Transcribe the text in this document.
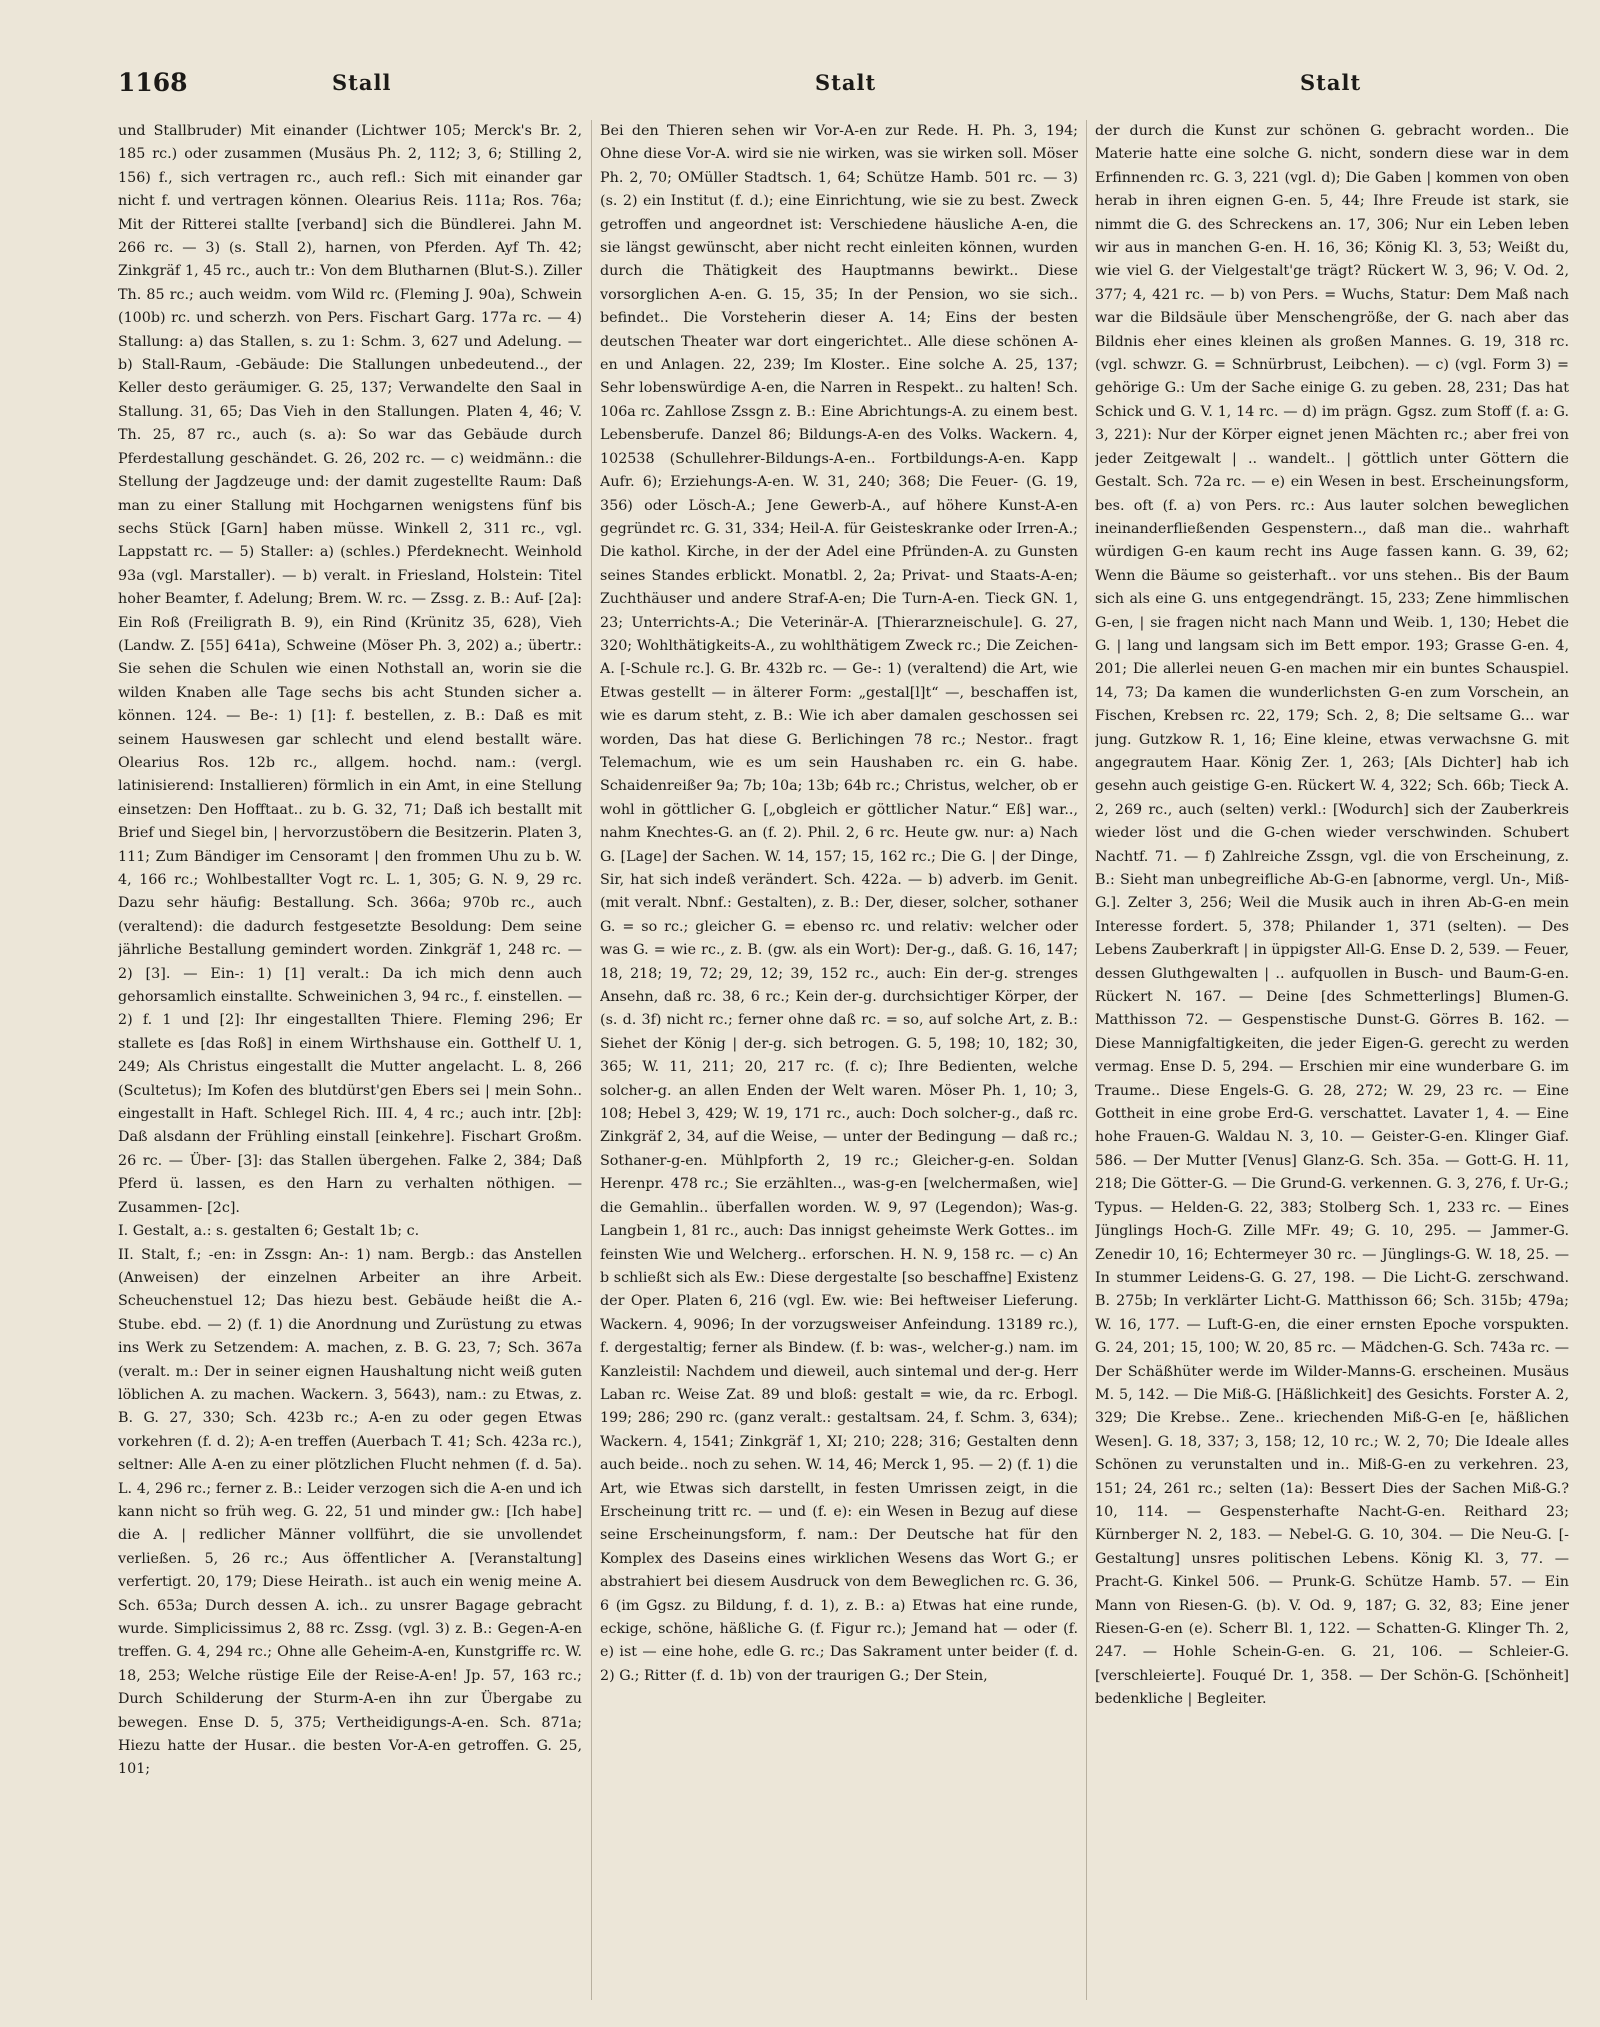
1168	Stall	Stalt	Stalt

und Stallbruder) Mit einander (Lichtwer 105; Merck's Br. 2, 185 rc.) oder zusammen (Musäus Ph. 2, 112; 3, 6; Stilling 2, 156) f., sich vertragen rc., auch refl.: Sich mit einander gar nicht f. und vertragen können. Olearius Reis. 111a; Ros. 76a; Mit der Ritterei stallte [verband] sich die Bündlerei. Jahn M. 266 rc. — 3) (s. Stall 2), harnen, von Pferden. Ayf Th. 42; Zinkgräf 1, 45 rc., auch tr.: Von dem Blutharnen (Blut-S.). Ziller Th. 85 rc.; auch weidm. vom Wild rc. (Fleming J. 90a), Schwein (100b) rc. und scherzh. von Pers. Fischart Garg. 177a rc. — 4) Stallung: a) das Stallen, s. zu 1: Schm. 3, 627 und Adelung. — b) Stall-Raum, -Gebäude: Die Stallungen unbedeutend.., der Keller desto geräumiger. G. 25, 137; Verwandelte den Saal in Stallung. 31, 65; Das Vieh in den Stallungen. Platen 4, 46; V. Th. 25, 87 rc., auch (s. a): So war das Gebäude durch Pferdestallung geschändet. G. 26, 202 rc. — c) weidmänn.: die Stellung der Jagdzeuge und: der damit zugestellte Raum: Daß man zu einer Stallung mit Hochgarnen wenigstens fünf bis sechs Stück [Garn] haben müsse. Winkell 2, 311 rc., vgl. Lappstatt rc. — 5) Staller: a) (schles.) Pferdeknecht. Weinhold 93a (vgl. Marstaller). — b) veralt. in Friesland, Holstein: Titel hoher Beamter, f. Adelung; Brem. W. rc. — Zssg. z. B.: Auf- [2a]: Ein Roß (Freiligrath B. 9), ein Rind (Krünitz 35, 628), Vieh (Landw. Z. [55] 641a), Schweine (Möser Ph. 3, 202) a.; übertr.: Sie sehen die Schulen wie einen Nothstall an, worin sie die wilden Knaben alle Tage sechs bis acht Stunden sicher a. können. 124. — Be-: 1) [1]: f. bestellen, z. B.: Daß es mit seinem Hauswesen gar schlecht und elend bestallt wäre. Olearius Ros. 12b rc., allgem. hochd. nam.: (vergl. latinisierend: Installieren) förmlich in ein Amt, in eine Stellung einsetzen: Den Hofftaat.. zu b. G. 32, 71; Daß ich bestallt mit Brief und Siegel bin, | hervorzustöbern die Besitzerin. Platen 3, 111; Zum Bändiger im Censoramt | den frommen Uhu zu b. W. 4, 166 rc.; Wohlbestallter Vogt rc. L. 1, 305; G. N. 9, 29 rc. Dazu sehr häufig: Bestallung. Sch. 366a; 970b rc., auch (veraltend): die dadurch festgesetzte Besoldung: Dem seine jährliche Bestallung gemindert worden. Zinkgräf 1, 248 rc. — 2) [3]. — Ein-: 1) [1] veralt.: Da ich mich denn auch gehorsamlich einstallte. Schweinichen 3, 94 rc., f. einstellen. — 2) f. 1 und [2]: Ihr eingestallten Thiere. Fleming 296; Er stallete es [das Roß] in einem Wirthshause ein. Gotthelf U. 1, 249; Als Christus eingestallt die Mutter angelacht. L. 8, 266 (Scultetus); Im Kofen des blutdürst'gen Ebers sei | mein Sohn.. eingestallt in Haft. Schlegel Rich. III. 4, 4 rc.; auch intr. [2b]: Daß alsdann der Frühling einstall [einkehre]. Fischart Großm. 26 rc. — Über- [3]: das Stallen übergehen. Falke 2, 384; Daß Pferd ü. lassen, es den Harn zu verhalten nöthigen. — Zusammen- [2c].

I. Gestalt, a.: s. gestalten 6; Gestalt 1b; c.

II. Stalt, f.; -en: in Zssgn: An-: 1) nam. Bergb.: das Anstellen (Anweisen) der einzelnen Arbeiter an ihre Arbeit. Scheuchenstuel 12; Das hiezu best. Gebäude heißt die A.-Stube. ebd. — 2) (f. 1) die Anordnung und Zurüstung zu etwas ins Werk zu Setzendem: A. machen, z. B. G. 23, 7; Sch. 367a (veralt. m.: Der in seiner eignen Haushaltung nicht weiß guten löblichen A. zu machen. Wackern. 3, 5643), nam.: zu Etwas, z. B. G. 27, 330; Sch. 423b rc.; A-en zu oder gegen Etwas vorkehren (f. d. 2); A-en treffen (Auerbach T. 41; Sch. 423a rc.), seltner: Alle A-en zu einer plötzlichen Flucht nehmen (f. d. 5a). L. 4, 296 rc.; ferner z. B.: Leider verzogen sich die A-en und ich kann nicht so früh weg. G. 22, 51 und minder gw.: [Ich habe] die A. | redlicher Männer vollführt, die sie unvollendet verließen. 5, 26 rc.; Aus öffentlicher A. [Veranstaltung] verfertigt. 20, 179; Diese Heirath.. ist auch ein wenig meine A. Sch. 653a; Durch dessen A. ich.. zu unsrer Bagage gebracht wurde. Simplicissimus 2, 88 rc. Zssg. (vgl. 3) z. B.: Gegen-A-en treffen. G. 4, 294 rc.; Ohne alle Geheim-A-en, Kunstgriffe rc. W. 18, 253; Welche rüstige Eile der Reise-A-en! Jp. 57, 163 rc.; Durch Schilderung der Sturm-A-en ihn zur Übergabe zu bewegen. Ense D. 5, 375; Vertheidigungs-A-en. Sch. 871a; Hiezu hatte der Husar.. die besten Vor-A-en getroffen. G. 25, 101;

Bei den Thieren sehen wir Vor-A-en zur Rede. H. Ph. 3, 194; Ohne diese Vor-A. wird sie nie wirken, was sie wirken soll. Möser Ph. 2, 70; OMüller Stadtsch. 1, 64; Schütze Hamb. 501 rc. — 3) (s. 2) ein Institut (f. d.); eine Einrichtung, wie sie zu best. Zweck getroffen und angeordnet ist: Verschiedene häusliche A-en, die sie längst gewünscht, aber nicht recht einleiten können, wurden durch die Thätigkeit des Hauptmanns bewirkt.. Diese vorsorglichen A-en. G. 15, 35; In der Pension, wo sie sich.. befindet.. Die Vorsteherin dieser A. 14; Eins der besten deutschen Theater war dort eingerichtet.. Alle diese schönen A-en und Anlagen. 22, 239; Im Kloster.. Eine solche A. 25, 137; Sehr lobenswürdige A-en, die Narren in Respekt.. zu halten! Sch. 106a rc. Zahllose Zssgn z. B.: Eine Abrichtungs-A. zu einem best. Lebensberufe. Danzel 86; Bildungs-A-en des Volks. Wackern. 4, 102538 (Schullehrer-Bildungs-A-en.. Fortbildungs-A-en. Kapp Aufr. 6); Erziehungs-A-en. W. 31, 240; 368; Die Feuer- (G. 19, 356) oder Lösch-A.; Jene Gewerb-A., auf höhere Kunst-A-en gegründet rc. G. 31, 334; Heil-A. für Geisteskranke oder Irren-A.; Die kathol. Kirche, in der der Adel eine Pfründen-A. zu Gunsten seines Standes erblickt. Monatbl. 2, 2a; Privat- und Staats-A-en; Zuchthäuser und andere Straf-A-en; Die Turn-A-en. Tieck GN. 1, 23; Unterrichts-A.; Die Veterinär-A. [Thierarzneischule]. G. 27, 320; Wohlthätigkeits-A., zu wohlthätigem Zweck rc.; Die Zeichen-A. [-Schule rc.]. G. Br. 432b rc. — Ge-: 1) (veraltend) die Art, wie Etwas gestellt — in älterer Form: „gestal[l]t“ —, beschaffen ist, wie es darum steht, z. B.: Wie ich aber damalen geschossen sei worden, Das hat diese G. Berlichingen 78 rc.; Nestor.. fragt Telemachum, wie es um sein Haushaben rc. ein G. habe. Schaidenreißer 9a; 7b; 10a; 13b; 64b rc.; Christus, welcher, ob er wohl in göttlicher G. [„obgleich er göttlicher Natur.“ Eß] war.., nahm Knechtes-G. an (f. 2). Phil. 2, 6 rc. Heute gw. nur: a) Nach G. [Lage] der Sachen. W. 14, 157; 15, 162 rc.; Die G. | der Dinge, Sir, hat sich indeß verändert. Sch. 422a. — b) adverb. im Genit. (mit veralt. Nbnf.: Gestalten), z. B.: Der, dieser, solcher, sothaner G. = so rc.; gleicher G. = ebenso rc. und relativ: welcher oder was G. = wie rc., z. B. (gw. als ein Wort): Der-g., daß. G. 16, 147; 18, 218; 19, 72; 29, 12; 39, 152 rc., auch: Ein der-g. strenges Ansehn, daß rc. 38, 6 rc.; Kein der-g. durchsichtiger Körper, der (s. d. 3f) nicht rc.; ferner ohne daß rc. = so, auf solche Art, z. B.: Siehet der König | der-g. sich betrogen. G. 5, 198; 10, 182; 30, 365; W. 11, 211; 20, 217 rc. (f. c); Ihre Bedienten, welche solcher-g. an allen Enden der Welt waren. Möser Ph. 1, 10; 3, 108; Hebel 3, 429; W. 19, 171 rc., auch: Doch solcher-g., daß rc. Zinkgräf 2, 34, auf die Weise, — unter der Bedingung — daß rc.; Sothaner-g-en. Mühlpforth 2, 19 rc.; Gleicher-g-en. Soldan Herenpr. 478 rc.; Sie erzählten.., was-g-en [welchermaßen, wie] die Gemahlin.. überfallen worden. W. 9, 97 (Legendon); Was-g. Langbein 1, 81 rc., auch: Das innigst geheimste Werk Gottes.. im feinsten Wie und Welcherg.. erforschen. H. N. 9, 158 rc. — c) An b schließt sich als Ew.: Diese dergestalte [so beschaffne] Existenz der Oper. Platen 6, 216 (vgl. Ew. wie: Bei heftweiser Lieferung. Wackern. 4, 9096; In der vorzugsweiser Anfeindung. 13189 rc.), f. dergestaltig; ferner als Bindew. (f. b: was-, welcher-g.) nam. im Kanzleistil: Nachdem und dieweil, auch sintemal und der-g. Herr Laban rc. Weise Zat. 89 und bloß: gestalt = wie, da rc. Erbogl. 199; 286; 290 rc. (ganz veralt.: gestaltsam. 24, f. Schm. 3, 634); Wackern. 4, 1541; Zinkgräf 1, XI; 210; 228; 316; Gestalten denn auch beide.. noch zu sehen. W. 14, 46; Merck 1, 95. — 2) (f. 1) die Art, wie Etwas sich darstellt, in festen Umrissen zeigt, in die Erscheinung tritt rc. — und (f. e): ein Wesen in Bezug auf diese seine Erscheinungsform, f. nam.: Der Deutsche hat für den Komplex des Daseins eines wirklichen Wesens das Wort G.; er abstrahiert bei diesem Ausdruck von dem Beweglichen rc. G. 36, 6 (im Ggsz. zu Bildung, f. d. 1), z. B.: a) Etwas hat eine runde, eckige, schöne, häßliche G. (f. Figur rc.); Jemand hat — oder (f. e) ist — eine hohe, edle G. rc.; Das Sakrament unter beider (f. d. 2) G.; Ritter (f. d. 1b) von der traurigen G.; Der Stein,

der durch die Kunst zur schönen G. gebracht worden.. Die Materie hatte eine solche G. nicht, sondern diese war in dem Erfinnenden rc. G. 3, 221 (vgl. d); Die Gaben | kommen von oben herab in ihren eignen G-en. 5, 44; Ihre Freude ist stark, sie nimmt die G. des Schreckens an. 17, 306; Nur ein Leben leben wir aus in manchen G-en. H. 16, 36; König Kl. 3, 53; Weißt du, wie viel G. der Vielgestalt'ge trägt? Rückert W. 3, 96; V. Od. 2, 377; 4, 421 rc. — b) von Pers. = Wuchs, Statur: Dem Maß nach war die Bildsäule über Menschengröße, der G. nach aber das Bildnis eher eines kleinen als großen Mannes. G. 19, 318 rc. (vgl. schwzr. G. = Schnürbrust, Leibchen). — c) (vgl. Form 3) = gehörige G.: Um der Sache einige G. zu geben. 28, 231; Das hat Schick und G. V. 1, 14 rc. — d) im prägn. Ggsz. zum Stoff (f. a: G. 3, 221): Nur der Körper eignet jenen Mächten rc.; aber frei von jeder Zeitgewalt | .. wandelt.. | göttlich unter Göttern die Gestalt. Sch. 72a rc. — e) ein Wesen in best. Erscheinungsform, bes. oft (f. a) von Pers. rc.: Aus lauter solchen beweglichen ineinanderfließenden Gespenstern.., daß man die.. wahrhaft würdigen G-en kaum recht ins Auge fassen kann. G. 39, 62; Wenn die Bäume so geisterhaft.. vor uns stehen.. Bis der Baum sich als eine G. uns entgegendrängt. 15, 233; Zene himmlischen G-en, | sie fragen nicht nach Mann und Weib. 1, 130; Hebet die G. | lang und langsam sich im Bett empor. 193; Grasse G-en. 4, 201; Die allerlei neuen G-en machen mir ein buntes Schauspiel. 14, 73; Da kamen die wunderlichsten G-en zum Vorschein, an Fischen, Krebsen rc. 22, 179; Sch. 2, 8; Die seltsame G... war jung. Gutzkow R. 1, 16; Eine kleine, etwas verwachsne G. mit angegrautem Haar. König Zer. 1, 263; [Als Dichter] hab ich gesehn auch geistige G-en. Rückert W. 4, 322; Sch. 66b; Tieck A. 2, 269 rc., auch (selten) verkl.: [Wodurch] sich der Zauberkreis wieder löst und die G-chen wieder verschwinden. Schubert Nachtf. 71. — f) Zahlreiche Zssgn, vgl. die von Erscheinung, z. B.: Sieht man unbegreifliche Ab-G-en [abnorme, vergl. Un-, Miß-G.]. Zelter 3, 256; Weil die Musik auch in ihren Ab-G-en mein Interesse fordert. 5, 378; Philander 1, 371 (selten). — Des Lebens Zauberkraft | in üppigster All-G. Ense D. 2, 539. — Feuer, dessen Gluthgewalten | .. aufquollen in Busch- und Baum-G-en. Rückert N. 167. — Deine [des Schmetterlings] Blumen-G. Matthisson 72. — Gespenstische Dunst-G. Görres B. 162. — Diese Mannigfaltigkeiten, die jeder Eigen-G. gerecht zu werden vermag. Ense D. 5, 294. — Erschien mir eine wunderbare G. im Traume.. Diese Engels-G. G. 28, 272; W. 29, 23 rc. — Eine Gottheit in eine grobe Erd-G. verschattet. Lavater 1, 4. — Eine hohe Frauen-G. Waldau N. 3, 10. — Geister-G-en. Klinger Giaf. 586. — Der Mutter [Venus] Glanz-G. Sch. 35a. — Gott-G. H. 11, 218; Die Götter-G. — Die Grund-G. verkennen. G. 3, 276, f. Ur-G.; Typus. — Helden-G. 22, 383; Stolberg Sch. 1, 233 rc. — Eines Jünglings Hoch-G. Zille MFr. 49; G. 10, 295. — Jammer-G. Zenedir 10, 16; Echtermeyer 30 rc. — Jünglings-G. W. 18, 25. — In stummer Leidens-G. G. 27, 198. — Die Licht-G. zerschwand. B. 275b; In verklärter Licht-G. Matthisson 66; Sch. 315b; 479a; W. 16, 177. — Luft-G-en, die einer ernsten Epoche vorspukten. G. 24, 201; 15, 100; W. 20, 85 rc. — Mädchen-G. Sch. 743a rc. — Der Schäßhüter werde im Wilder-Manns-G. erscheinen. Musäus M. 5, 142. — Die Miß-G. [Häßlichkeit] des Gesichts. Forster A. 2, 329; Die Krebse.. Zene.. kriechenden Miß-G-en [e, häßlichen Wesen]. G. 18, 337; 3, 158; 12, 10 rc.; W. 2, 70; Die Ideale alles Schönen zu verunstalten und in.. Miß-G-en zu verkehren. 23, 151; 24, 261 rc.; selten (1a): Bessert Dies der Sachen Miß-G.? 10, 114. — Gespensterhafte Nacht-G-en. Reithard 23; Kürnberger N. 2, 183. — Nebel-G. G. 10, 304. — Die Neu-G. [-Gestaltung] unsres politischen Lebens. König Kl. 3, 77. — Pracht-G. Kinkel 506. — Prunk-G. Schütze Hamb. 57. — Ein Mann von Riesen-G. (b). V. Od. 9, 187; G. 32, 83; Eine jener Riesen-G-en (e). Scherr Bl. 1, 122. — Schatten-G. Klinger Th. 2, 247. — Hohle Schein-G-en. G. 21, 106. — Schleier-G. [verschleierte]. Fouqué Dr. 1, 358. — Der Schön-G. [Schönheit] bedenkliche | Begleiter.
